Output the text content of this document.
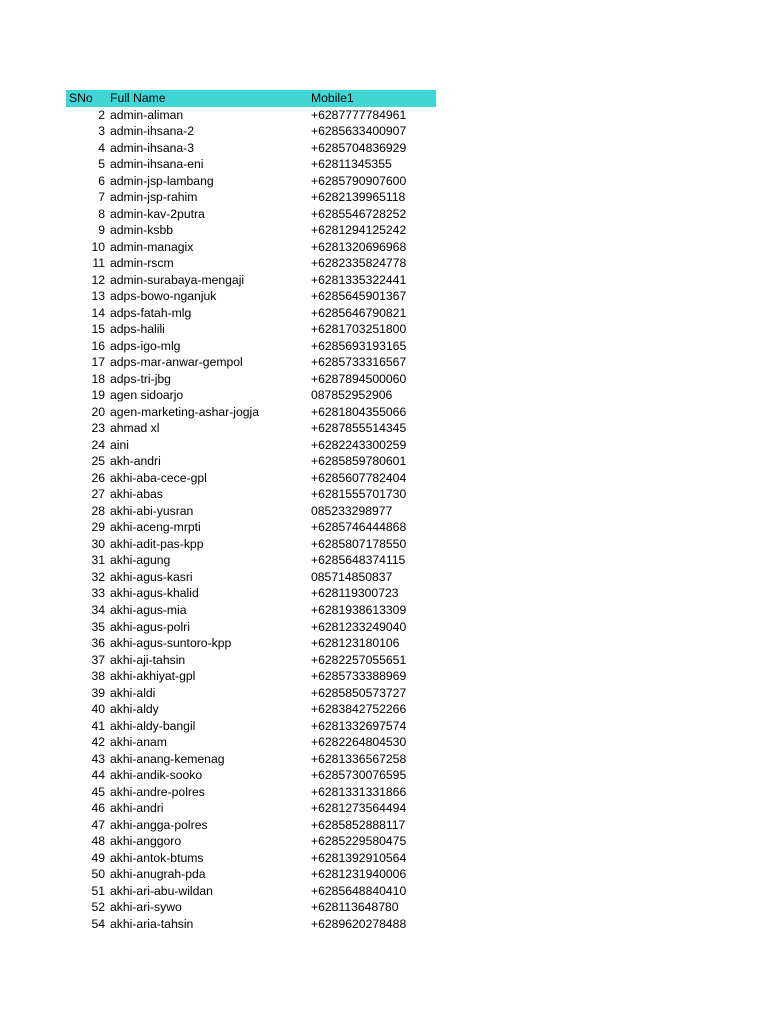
SNo	Full Name	Mobile1
2 admin-aliman	+6287777784961
3 admin-ihsana-2	+6285633400907
4 admin-ihsana-3	+6285704836929
5 admin-ihsana-eni	+62811345355
6 admin-jsp-lambang	+6285790907600
7 admin-jsp-rahim	+6282139965118
8 admin-kav-2putra	+6285546728252
9 admin-ksbb	+6281294125242
10 admin-managix	+6281320696968
11 admin-rscm	+6282335824778
12 admin-surabaya-mengaji	+6281335322441
13 adps-bowo-nganjuk	+6285645901367
14 adps-fatah-mlg	+6285646790821
15 adps-halili	+6281703251800
16 adps-igo-mlg	+6285693193165
17 adps-mar-anwar-gempol	+6285733316567
18 adps-tri-jbg	+6287894500060
19 agen sidoarjo	087852952906
20 agen-marketing-ashar-jogja	+6281804355066
23 ahmad xl	+6287855514345
24 aini	+6282243300259
25 akh-andri	+6285859780601
26 akhi-aba-cece-gpl	+6285607782404
27 akhi-abas	+6281555701730
28 akhi-abi-yusran	085233298977
29 akhi-aceng-mrpti	+6285746444868
30 akhi-adit-pas-kpp	+6285807178550
31 akhi-agung	+6285648374115
32 akhi-agus-kasri	085714850837
33 akhi-agus-khalid	+628119300723
34 akhi-agus-mia	+6281938613309
35 akhi-agus-polri	+6281233249040
36 akhi-agus-suntoro-kpp	+628123180106
37 akhi-aji-tahsin	+6282257055651
38 akhi-akhiyat-gpl	+6285733388969
39 akhi-aldi	+6285850573727
40 akhi-aldy	+6283842752266
41 akhi-aldy-bangil	+6281332697574
42 akhi-anam	+6282264804530
43 akhi-anang-kemenag	+6281336567258
44 akhi-andik-sooko	+6285730076595
45 akhi-andre-polres	+6281331331866
46 akhi-andri	+6281273564494
47 akhi-angga-polres	+6285852888117
48 akhi-anggoro	+6285229580475
49 akhi-antok-btums	+6281392910564
50 akhi-anugrah-pda	+6281231940006
51 akhi-ari-abu-wildan	+6285648840410
52 akhi-ari-sywo	+628113648780
54 akhi-aria-tahsin	+6289620278488
